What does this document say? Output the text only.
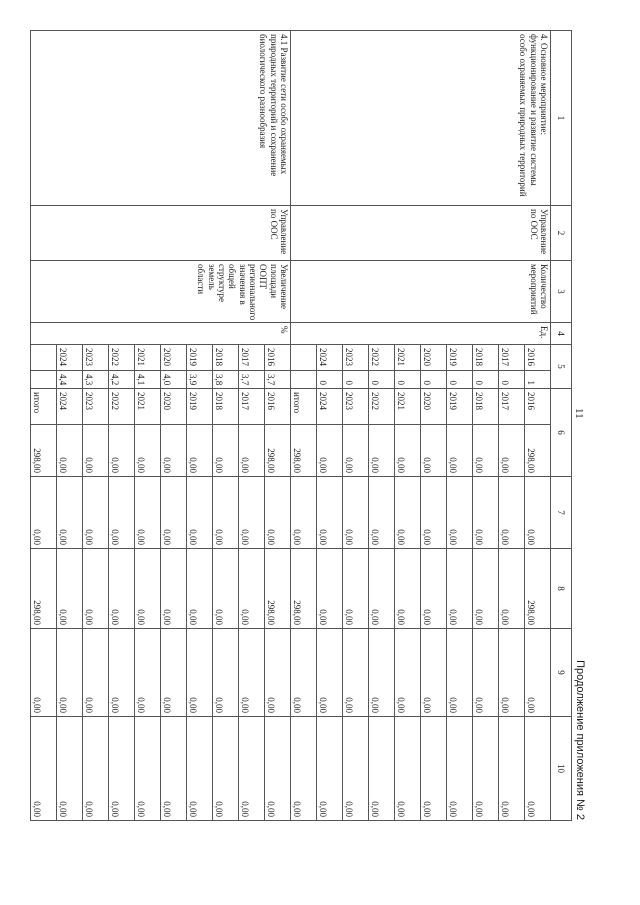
11
Продолжение приложения № 2
1	2	3	4	5		6		7	8	9	10
4. Основное мероприятие: функционирование и развитие системы особо охраняемых природных территорий	Управление по ООС	Количество мероприятий	Ед.	2016	1	2016	298,00	0,00	298,00	0,00	0,00
				2017	0	2017	0,00	0,00	0,00	0,00	0,00
				2018	0	2018	0,00	0,00	0,00	0,00	0,00
				2019	0	2019	0,00	0,00	0,00	0,00	0,00
				2020	0	2020	0,00	0,00	0,00	0,00	0,00
				2021	0	2021	0,00	0,00	0,00	0,00	0,00
				2022	0	2022	0,00	0,00	0,00	0,00	0,00
				2023	0	2023	0,00	0,00	0,00	0,00	0,00
				2024	0	2024	0,00	0,00	0,00	0,00	0,00
						итого	298,00	0,00	298,00	0,00	0,00
4.1 Развитие сети особо охраняемых природных территорий и сохранение биологического разнообразия	Управление по ООС	Увеличение площади ООПТ регионального значения в общей структуре земель области	%	2016	3,7	2016	298,00	0,00	298,00	0,00	0,00
				2017	3,7	2017	0,00	0,00	0,00	0,00	0,00
				2018	3,8	2018	0,00	0,00	0,00	0,00	0,00
				2019	3,9	2019	0,00	0,00	0,00	0,00	0,00
				2020	4,0	2020	0,00	0,00	0,00	0,00	0,00
				2021	4,1	2021	0,00	0,00	0,00	0,00	0,00
				2022	4,2	2022	0,00	0,00	0,00	0,00	0,00
				2023	4,3	2023	0,00	0,00	0,00	0,00	0,00
				2024	4,4	2024	0,00	0,00	0,00	0,00	0,00
						итого	298,00	0,00	298,00	0,00	0,00
